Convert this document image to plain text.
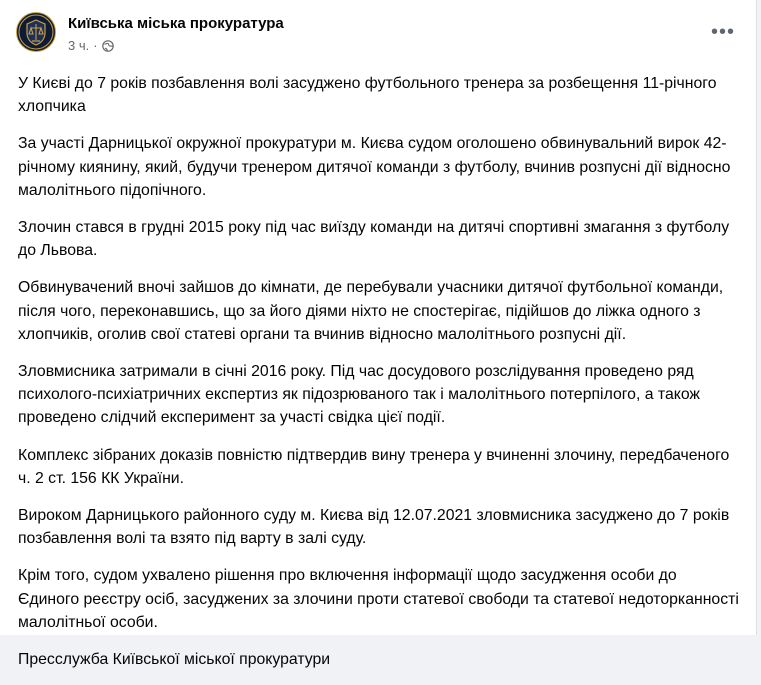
Київська міська прокуратура
3 ч. ·
•••

У Києві до 7 років позбавлення волі засуджено футбольного тренера за розбещення 11-річного хлопчика

За участі Дарницької окружної прокуратури м. Києва судом оголошено обвинувальний вирок 42-річному киянину, який, будучи тренером дитячої команди з футболу, вчинив розпусні дії відносно малолітнього підопічного.

Злочин стався в грудні 2015 року під час виїзду команди на дитячі спортивні змагання з футболу до Львова.

Обвинувачений вночі зайшов до кімнати, де перебували учасники дитячої футбольної команди, після чого, переконавшись, що за його діями ніхто не спостерігає, підійшов до ліжка одного з хлопчиків, оголив свої статеві органи та вчинив відносно малолітнього розпусні дії.

Зловмисника затримали в січні 2016 року. Під час досудового розслідування проведено ряд психолого-психіатричних експертиз як підозрюваного так і малолітнього потерпілого, а також проведено слідчий експеримент за участі свідка цієї події.

Комплекс зібраних доказів повністю підтвердив вину тренера у вчиненні злочину, передбаченого ч. 2 ст. 156 КК України.

Вироком Дарницького районного суду м. Києва від 12.07.2021 зловмисника засуджено до 7 років позбавлення волі та взято під варту в залі суду.

Крім того, судом ухвалено рішення про включення інформації щодо засудження особи до Єдиного реєстру осіб, засуджених за злочини проти статевої свободи та статевої недоторканності малолітньої особи.

Пресслужба Київської міської прокуратури
